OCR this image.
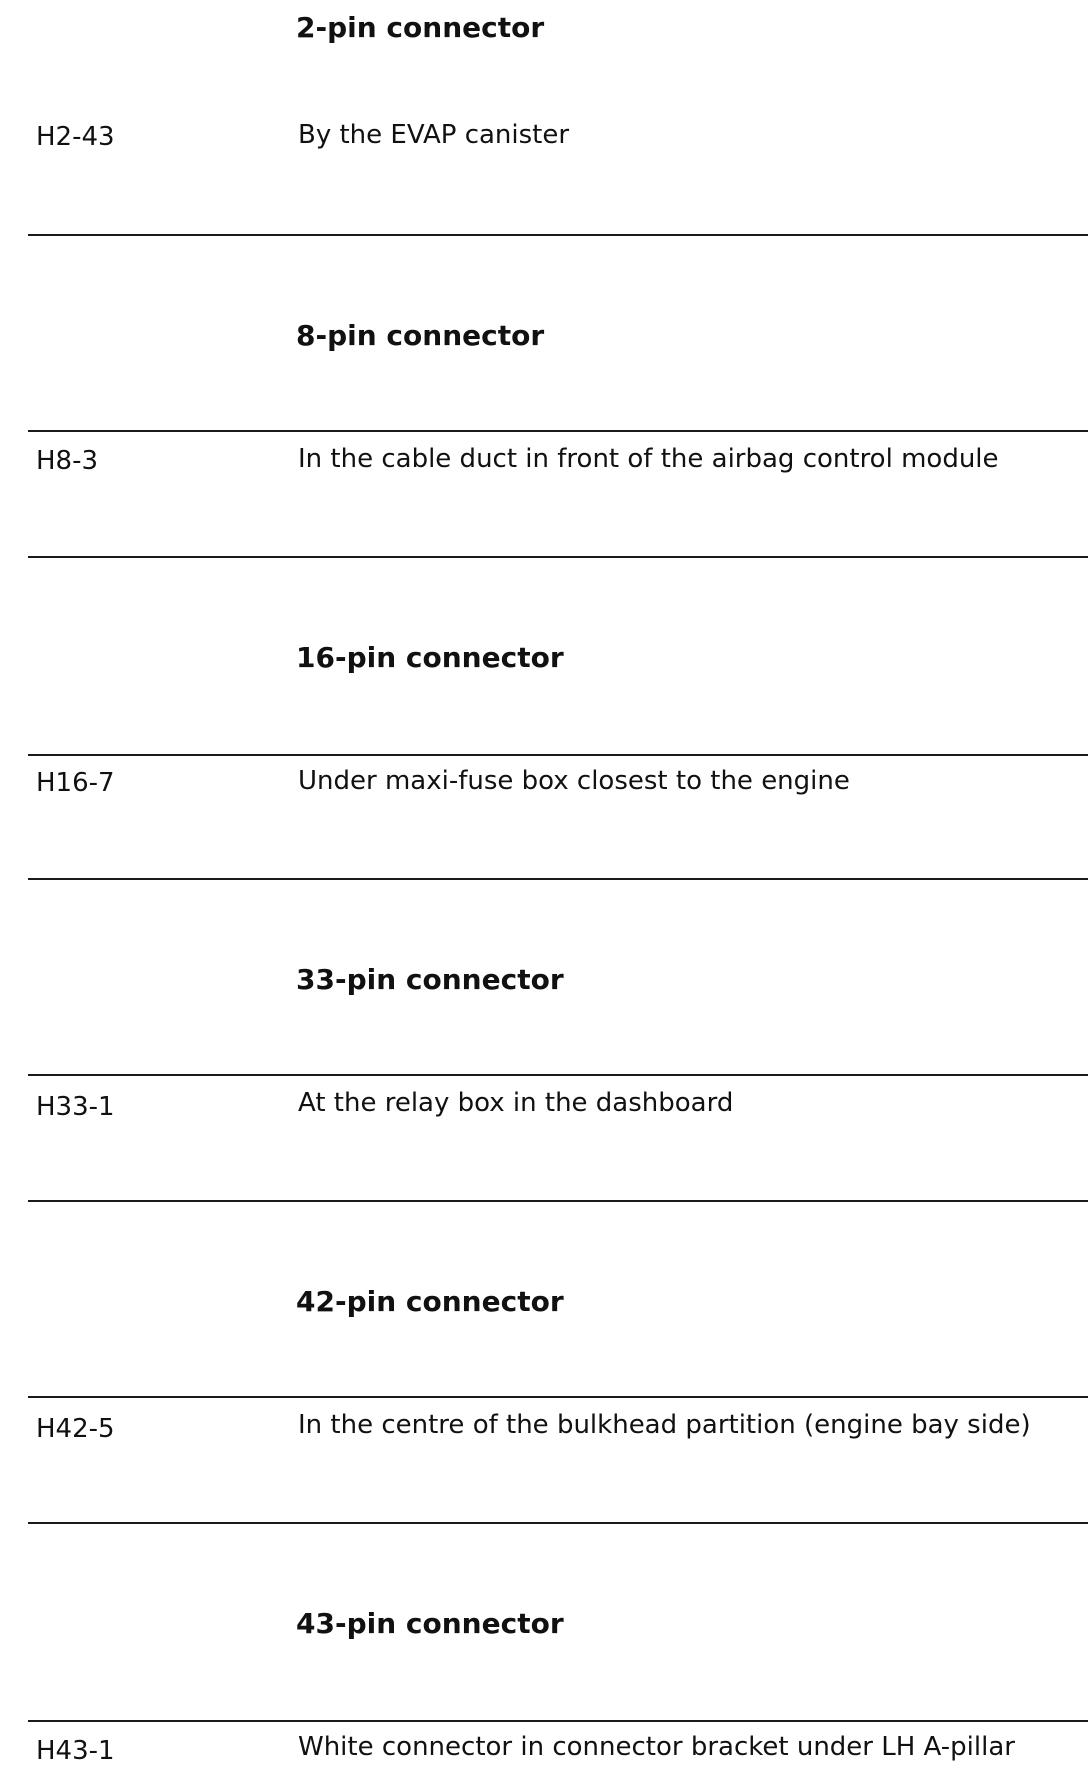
2-pin connector
H2-43	By the EVAP canister
8-pin connector
H8-3	In the cable duct in front of the airbag control module
16-pin connector
H16-7	Under maxi-fuse box closest to the engine
33-pin connector
H33-1	At the relay box in the dashboard
42-pin connector
H42-5	In the centre of the bulkhead partition (engine bay side)
43-pin connector
H43-1	White connector in connector bracket under LH A-pillar
